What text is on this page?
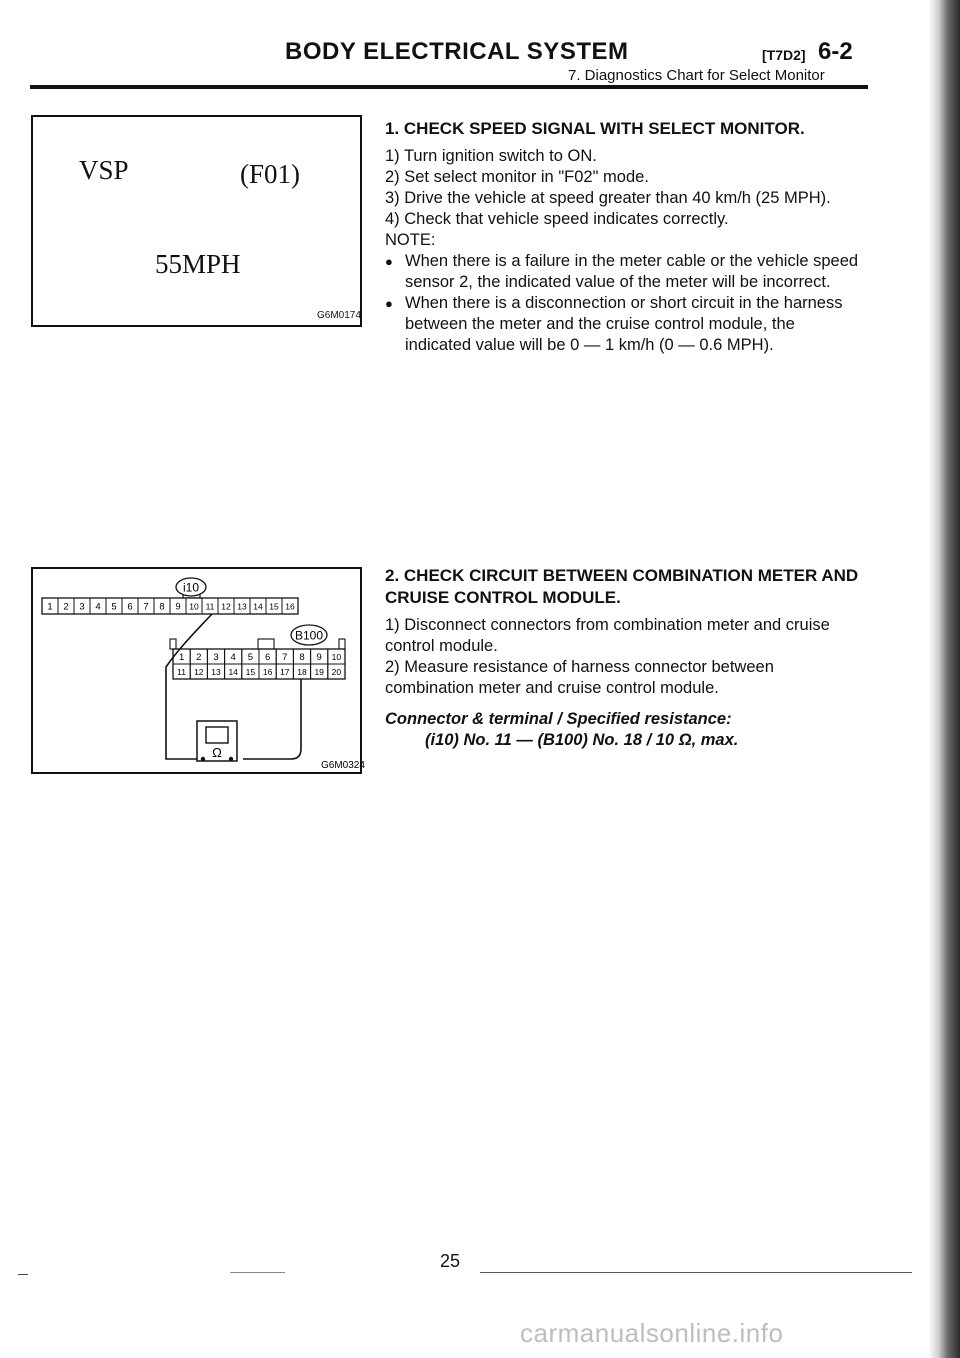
BODY ELECTRICAL SYSTEM	[T7D2] 6-2
7. Diagnostics Chart for Select Monitor
VSP	(F01)
55MPH
G6M0174
i10
1 2 3 4 5 6 7 8 9 10 11 12 13 14 15 16
B100
1 2 3 4 5 6 7 8 9 10
11 12 13 14 15 16 17 18 19 20
Ω
G6M0324

1. CHECK SPEED SIGNAL WITH SELECT MONITOR.

1) Turn ignition switch to ON.

2) Set select monitor in "F02" mode.

3) Drive the vehicle at speed greater than 40 km/h (25 MPH).

4) Check that vehicle speed indicates correctly.

NOTE:

● When there is a failure in the meter cable or the vehicle speed sensor 2, the indicated value of the meter will be incorrect.

● When there is a disconnection or short circuit in the harness between the meter and the cruise control module, the indicated value will be 0 — 1 km/h (0 — 0.6 MPH).

2. CHECK CIRCUIT BETWEEN COMBINATION METER AND CRUISE CONTROL MODULE.

1) Disconnect connectors from combination meter and cruise control module.

2) Measure resistance of harness connector between combination meter and cruise control module.

Connector & terminal / Specified resistance:

(i10) No. 11 — (B100) No. 18 / 10 Ω, max.

25
carmanualsonline.info
